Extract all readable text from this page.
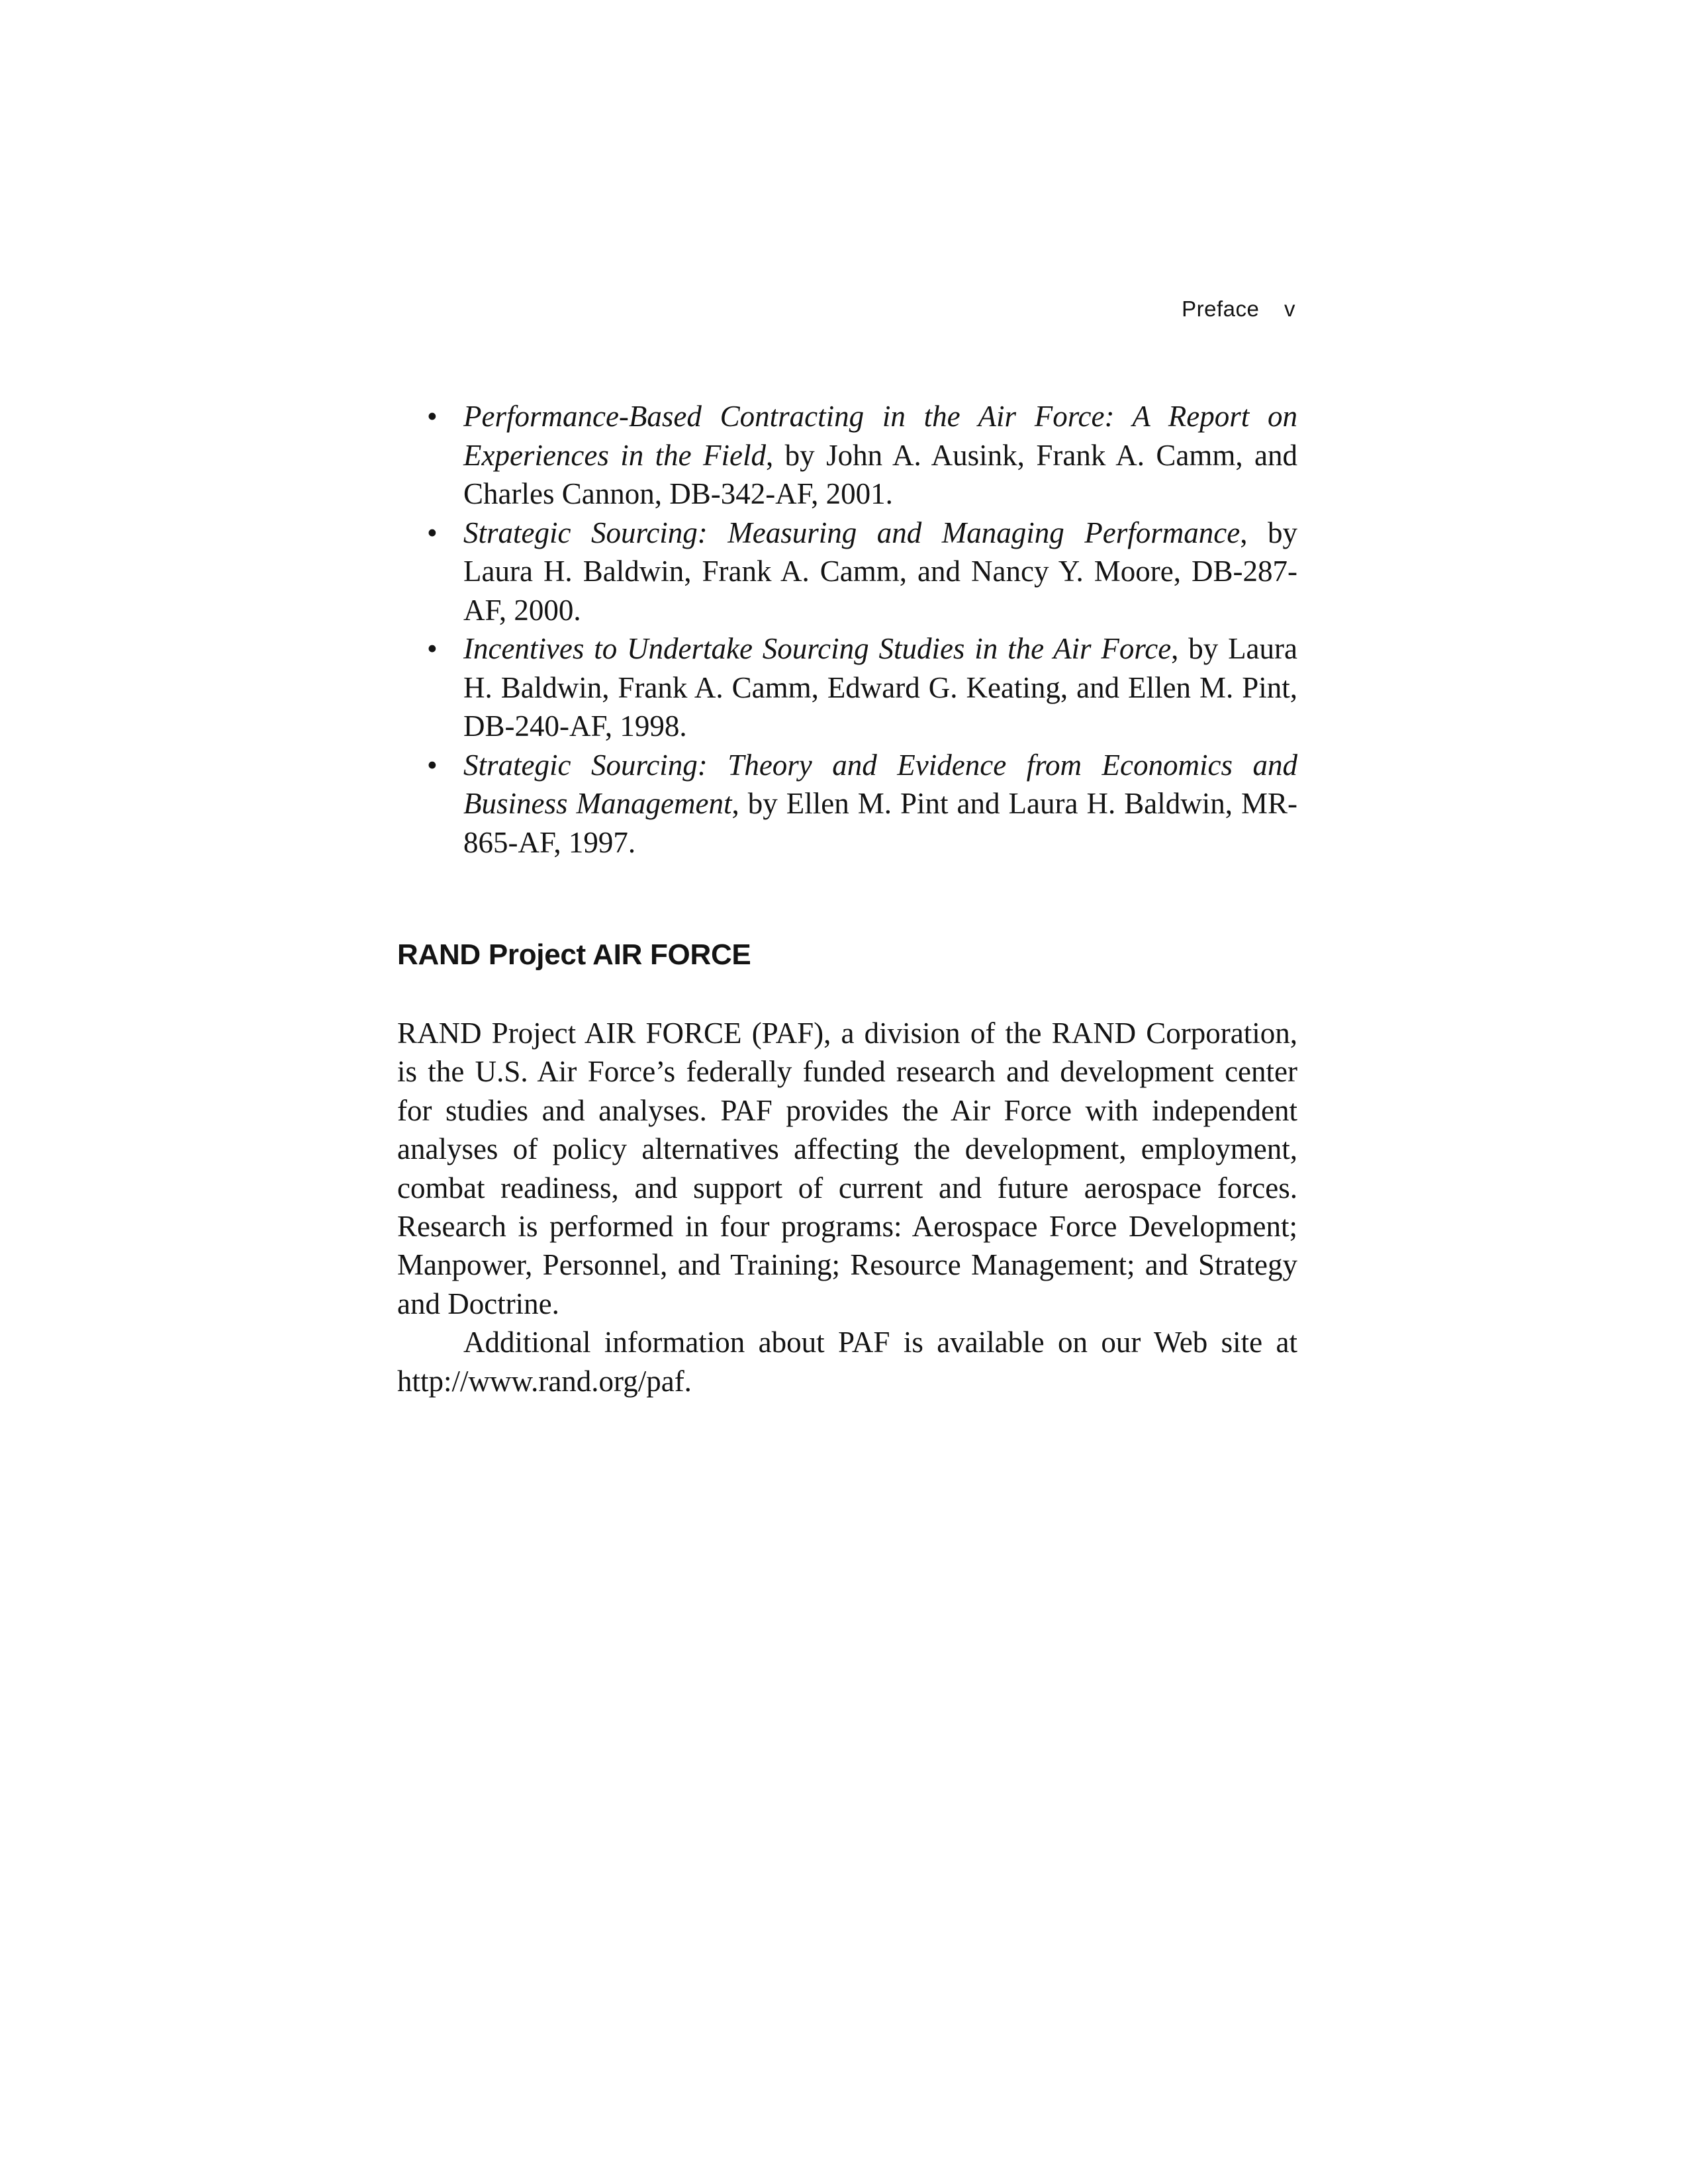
Preface v
• Performance-Based Contracting in the Air Force: A Report on Experiences in the Field, by John A. Ausink, Frank A. Camm, and Charles Cannon, DB-342-AF, 2001.
• Strategic Sourcing: Measuring and Managing Performance, by Laura H. Baldwin, Frank A. Camm, and Nancy Y. Moore, DB-287-AF, 2000.
• Incentives to Undertake Sourcing Studies in the Air Force, by Laura H. Baldwin, Frank A. Camm, Edward G. Keating, and Ellen M. Pint, DB-240-AF, 1998.
• Strategic Sourcing: Theory and Evidence from Economics and Business Management, by Ellen M. Pint and Laura H. Baldwin, MR-865-AF, 1997.
RAND Project AIR FORCE

RAND Project AIR FORCE (PAF), a division of the RAND Corporation, is the U.S. Air Force’s federally funded research and development center for studies and analyses. PAF provides the Air Force with independent analyses of policy alternatives affecting the development, employment, combat readiness, and support of current and future aerospace forces. Research is performed in four programs: Aerospace Force Development; Manpower, Personnel, and Training; Resource Management; and Strategy and Doctrine.

Additional information about PAF is available on our Web site at http://www.rand.org/paf.
